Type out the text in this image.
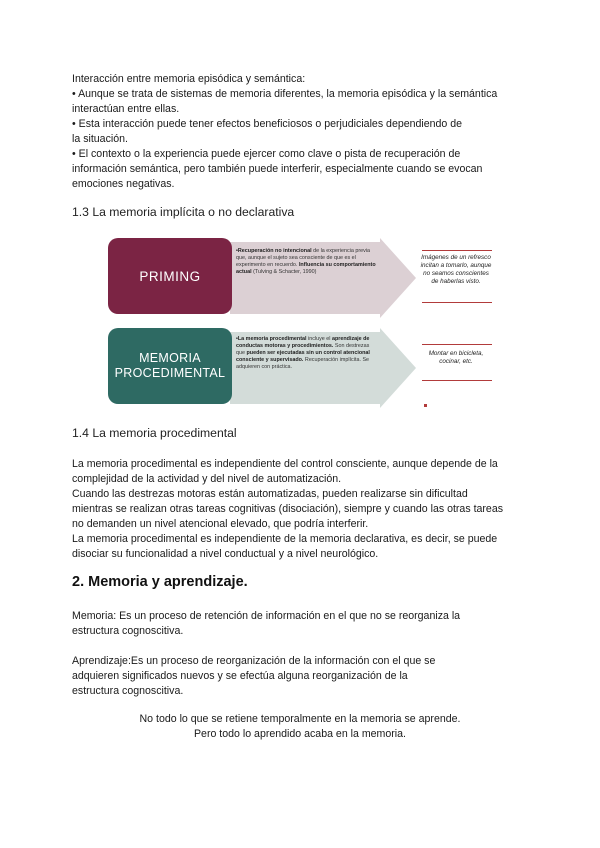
Interacción entre memoria episódica y semántica:
• Aunque se trata de sistemas de memoria diferentes, la memoria episódica y la semántica
interactúan entre ellas.
• Esta interacción puede tener efectos beneficiosos o perjudiciales dependiendo de
la situación.
• El contexto o la experiencia puede ejercer como clave o pista de recuperación de
información semántica, pero también puede interferir, especialmente cuando se evocan
emociones negativas.

1.3 La memoria implícita o no declarativa
PRIMING
•Recuperación no intencional de la experiencia previa que, aunque el sujeto sea consciente de que es el experimento en recuerdo. Influencia su comportamiento actual (Tulving & Schacter, 1990)
Imágenes de un refresco incitan a tomarlo, aunque no seamos conscientes de haberlas visto.
MEMORIA
PROCEDIMENTAL
•La memoria procedimental incluye el aprendizaje de conductas motoras y procedimientos. Son destrezas que pueden ser ejecutadas sin un control atencional consciente y supervisado. Recuperación implícita. Se adquieren con práctica.
Montar en bicicleta, cocinar, etc.
1.4 La memoria procedimental

La memoria procedimental es independiente del control consciente, aunque depende de la
complejidad de la actividad y del nivel de automatización.
Cuando las destrezas motoras están automatizadas, pueden realizarse sin dificultad
mientras se realizan otras tareas cognitivas (disociación), siempre y cuando las otras tareas
no demanden un nivel atencional elevado, que podría interferir.
La memoria procedimental es independiente de la memoria declarativa, es decir, se puede
disociar su funcionalidad a nivel conductual y a nivel neurológico.

2. Memoria y aprendizaje.

Memoria: Es un proceso de retención de información en el que no se reorganiza la
estructura cognoscitiva.

Aprendizaje:Es un proceso de reorganización de la información con el que se
adquieren significados nuevos y se efectúa alguna reorganización de la
estructura cognoscitiva.

No todo lo que se retiene temporalmente en la memoria se aprende.
Pero todo lo aprendido acaba en la memoria.
